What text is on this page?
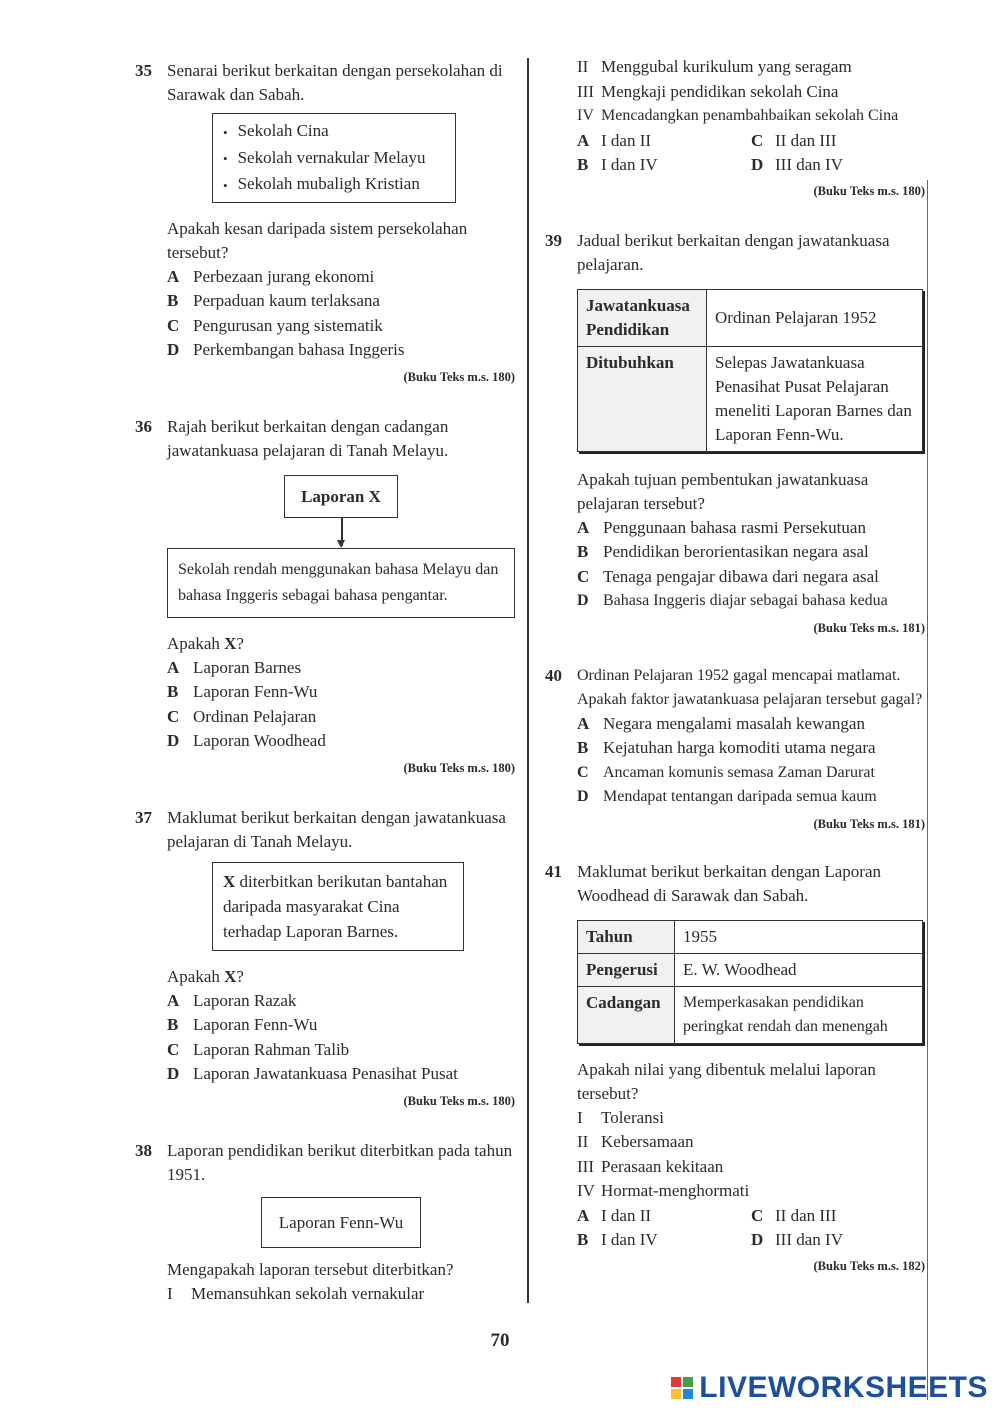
35 Senarai berikut berkaitan dengan persekolahan di Sarawak dan Sabah.
• Sekolah Cina
• Sekolah vernakular Melayu
• Sekolah mubaligh Kristian
Apakah kesan daripada sistem persekolahan tersebut?
A Perbezaan jurang ekonomi
B Perpaduan kaum terlaksana
C Pengurusan yang sistematik
D Perkembangan bahasa Inggeris
(Buku Teks m.s. 180)
36 Rajah berikut berkaitan dengan cadangan jawatankuasa pelajaran di Tanah Melayu.
Laporan X
Sekolah rendah menggunakan bahasa Melayu dan bahasa Inggeris sebagai bahasa pengantar.
Apakah X?
A Laporan Barnes
B Laporan Fenn-Wu
C Ordinan Pelajaran
D Laporan Woodhead
(Buku Teks m.s. 180)
37 Maklumat berikut berkaitan dengan jawatankuasa pelajaran di Tanah Melayu.
X diterbitkan berikutan bantahan daripada masyarakat Cina terhadap Laporan Barnes.
Apakah X?
A Laporan Razak
B Laporan Fenn-Wu
C Laporan Rahman Talib
D Laporan Jawatankuasa Penasihat Pusat
(Buku Teks m.s. 180)
38 Laporan pendidikan berikut diterbitkan pada tahun 1951.
Laporan Fenn-Wu
Mengapakah laporan tersebut diterbitkan?
I	Memansuhkan sekolah vernakular
II Menggubal kurikulum yang seragam
III Mengkaji pendidikan sekolah Cina
IV Mencadangkan penambahbaikan sekolah Cina
A I dan II	C II dan III
B I dan IV	D III dan IV
(Buku Teks m.s. 180)
39 Jadual berikut berkaitan dengan jawatankuasa pelajaran.
Jawatankuasa Pendidikan	Ordinan Pelajaran 1952
Ditubuhkan	Selepas Jawatankuasa Penasihat Pusat Pelajaran meneliti Laporan Barnes dan Laporan Fenn-Wu.
Apakah tujuan pembentukan jawatankuasa pelajaran tersebut?
A Penggunaan bahasa rasmi Persekutuan
B Pendidikan berorientasikan negara asal
C Tenaga pengajar dibawa dari negara asal
D Bahasa Inggeris diajar sebagai bahasa kedua
(Buku Teks m.s. 181)
40 Ordinan Pelajaran 1952 gagal mencapai matlamat. Apakah faktor jawatankuasa pelajaran tersebut gagal?
A Negara mengalami masalah kewangan
B Kejatuhan harga komoditi utama negara
C Ancaman komunis semasa Zaman Darurat
D Mendapat tentangan daripada semua kaum
(Buku Teks m.s. 181)
41 Maklumat berikut berkaitan dengan Laporan Woodhead di Sarawak dan Sabah.
Tahun	1955
Pengerusi	E. W. Woodhead
Cadangan	Memperkasakan pendidikan peringkat rendah dan menengah
Apakah nilai yang dibentuk melalui laporan tersebut?
I	Toleransi
II Kebersamaan
III Perasaan kekitaan
IV Hormat-menghormati
A I dan II	C II dan III
B I dan IV	D III dan IV
(Buku Teks m.s. 182)
70
LIVEWORKSHEETS
